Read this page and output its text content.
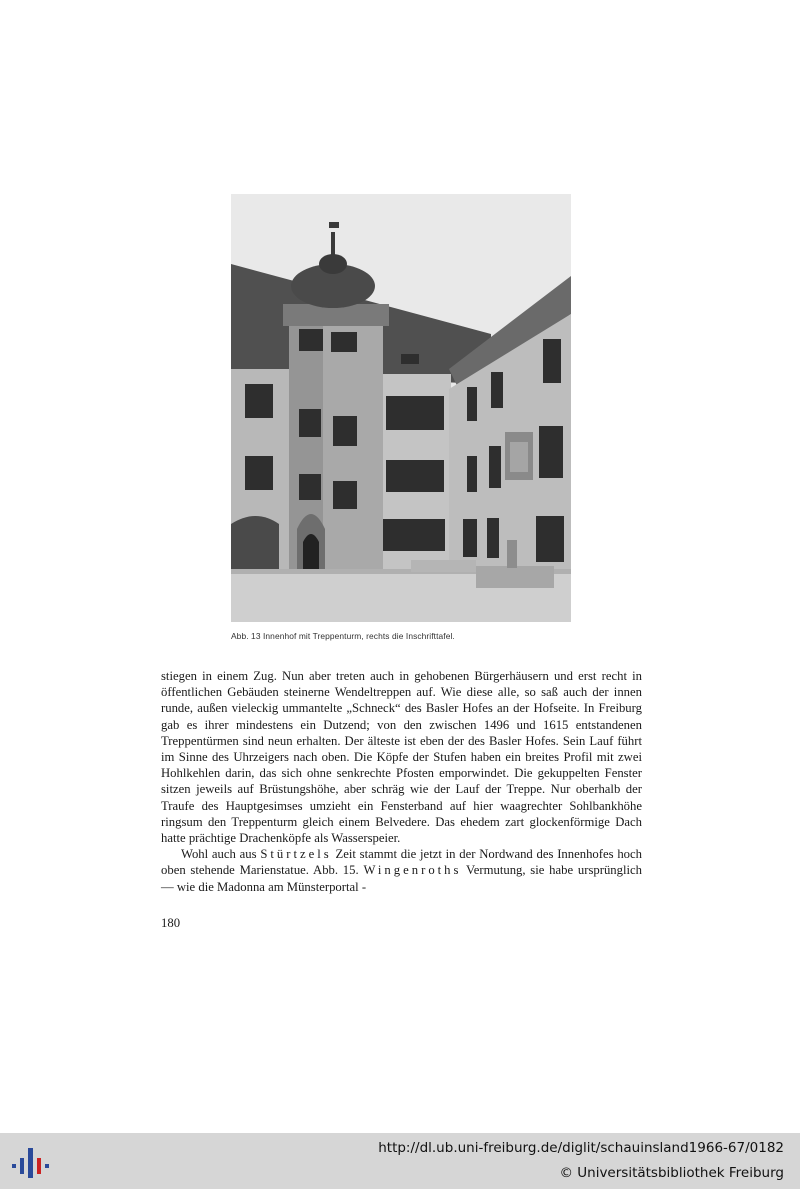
Abb. 13 Innenhof mit Treppenturm, rechts die Inschrifttafel.

stiegen in einem Zug. Nun aber treten auch in gehobenen Bürgerhäusern und erst recht in öffentlichen Gebäuden steinerne Wendeltreppen auf. Wie diese alle, so saß auch der innen runde, außen vieleckig ummantelte „Schneck“ des Basler Hofes an der Hofseite. In Freiburg gab es ihrer mindestens ein Dutzend; von den zwischen 1496 und 1615 entstandenen Treppentürmen sind neun erhalten. Der älteste ist eben der des Basler Hofes. Sein Lauf führt im Sinne des Uhrzeigers nach oben. Die Köpfe der Stufen haben ein breites Profil mit zwei Hohlkehlen darin, das sich ohne senkrechte Pfosten emporwindet. Die gekuppelten Fenster sitzen jeweils auf Brüstungshöhe, aber schräg wie der Lauf der Treppe. Nur oberhalb der Traufe des Hauptgesimses umzieht ein Fensterband auf hier waagrechter Sohlbankhöhe ringsum den Treppenturm gleich einem Belvedere. Das ehedem zart glockenförmige Dach hatte prächtige Drachenköpfe als Wasserspeier.

Wohl auch aus Stürtzels Zeit stammt die jetzt in der Nordwand des Innenhofes hoch oben stehende Marienstatue. Abb. 15. Wingenroths Vermutung, sie habe ursprünglich — wie die Madonna am Münsterportal -

180
http://dl.ub.uni-freiburg.de/diglit/schauinsland1966-67/0182
© Universitätsbibliothek Freiburg
